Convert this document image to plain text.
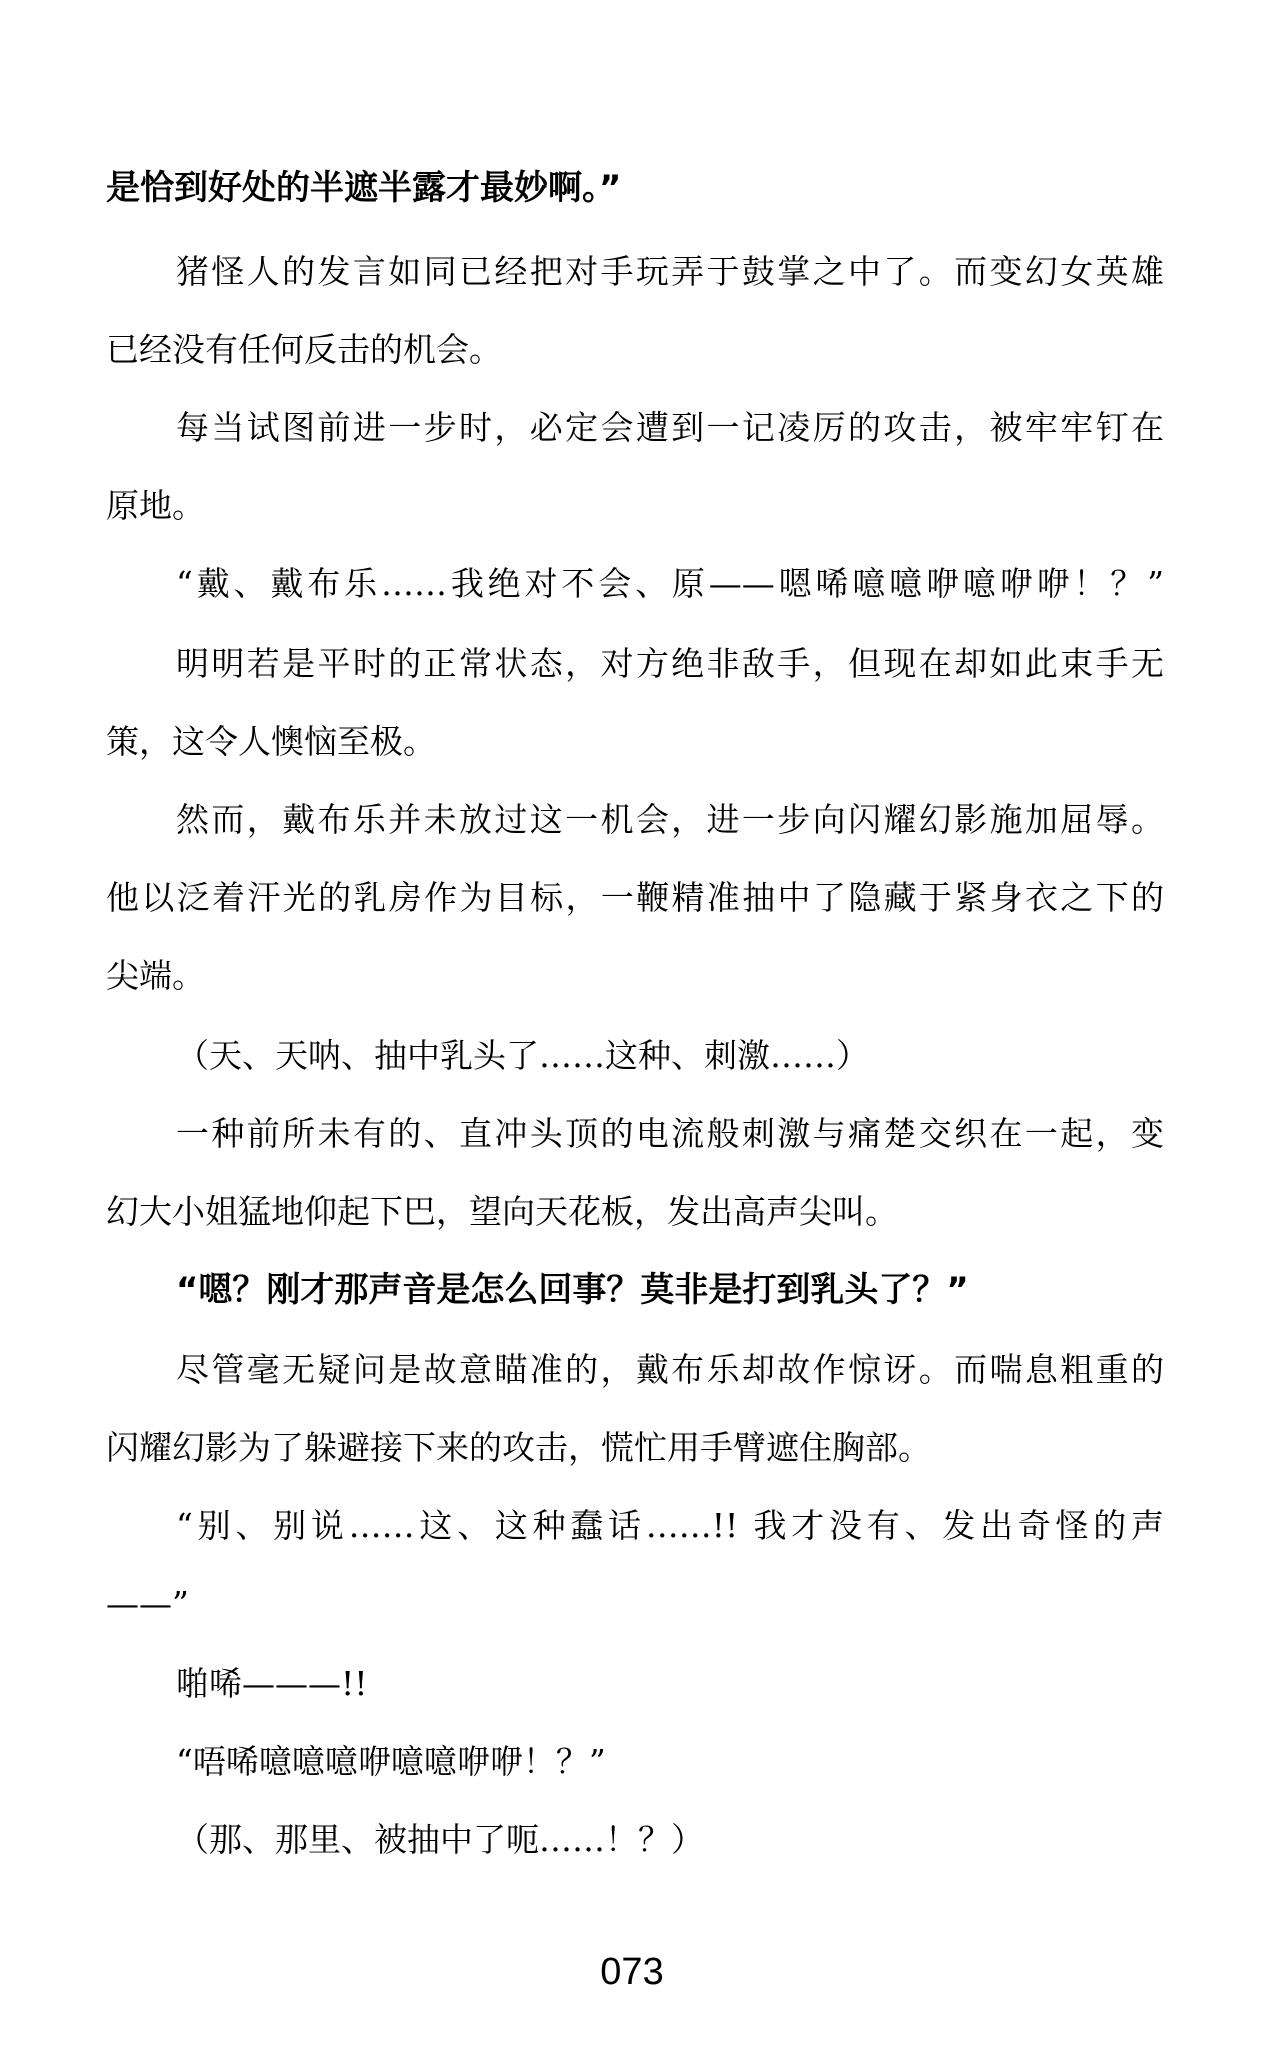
是恰到好处的半遮半露才最妙啊。”
猪怪人的发言如同已经把对手玩弄于鼓掌之中了。而变幻女英雄
已经没有任何反击的机会。
每当试图前进一步时，必定会遭到一记凌厉的攻击，被牢牢钉在
原地。
“戴、戴布乐……我绝对不会、原——嗯唏噫噫咿噫咿咿！？”
明明若是平时的正常状态，对方绝非敌手，但现在却如此束手无
策，这令人懊恼至极。
然而，戴布乐并未放过这一机会，进一步向闪耀幻影施加屈辱。
他以泛着汗光的乳房作为目标，一鞭精准抽中了隐藏于紧身衣之下的
尖端。
（天、天呐、抽中乳头了……这种、刺激……）
一种前所未有的、直冲头顶的电流般刺激与痛楚交织在一起，变
幻大小姐猛地仰起下巴，望向天花板，发出高声尖叫。
“嗯？刚才那声音是怎么回事？莫非是打到乳头了？”
尽管毫无疑问是故意瞄准的，戴布乐却故作惊讶。而喘息粗重的
闪耀幻影为了躲避接下来的攻击，慌忙用手臂遮住胸部。
“别、别说……这、这种蠢话……!! 我才没有、发出奇怪的声
——”
啪唏———!!
“唔唏噫噫噫咿噫噫咿咿！？”
（那、那里、被抽中了呃……！？）
073
